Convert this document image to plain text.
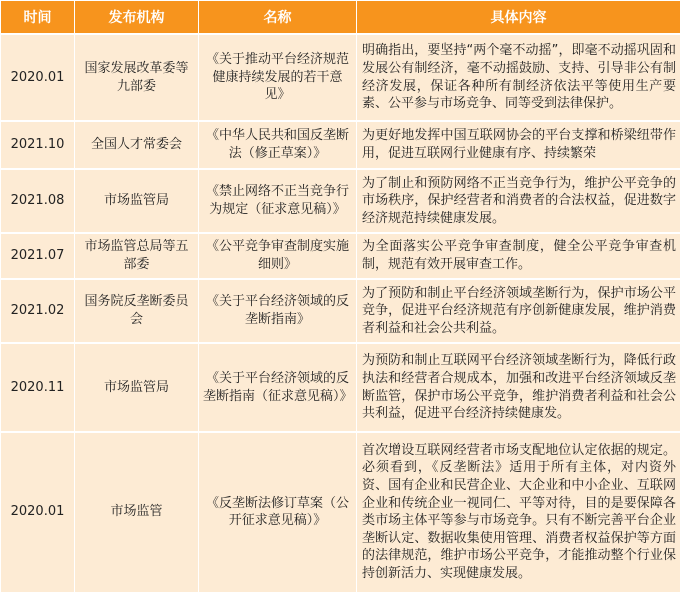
时间	发布机构	名称	具体内容
2020.01	国家发展改革委等九部委	《关于推动平台经济规范健康持续发展的若干意见》	明确指出，要坚持“两个毫不动摇”，即毫不动摇巩固和发展公有制经济，毫不动摇鼓励、支持、引导非公有制经济发展，保证各种所有制经济依法平等使用生产要素、公平参与市场竞争、同等受到法律保护。

2021.10	全国人才常委会	《中华人民共和国反垄断法（修正草案）》	为更好地发挥中国互联网协会的平台支撑和桥梁纽带作用，促进互联网行业健康有序、持续繁荣

2021.08	市场监管局	《禁止网络不正当竞争行为规定（征求意见稿）》	为了制止和预防网络不正当竞争行为，维护公平竞争的市场秩序，保护经营者和消费者的合法权益，促进数字经济规范持续健康发展。

2021.07	市场监管总局等五部委	《公平竞争审查制度实施细则》	为全面落实公平竞争审查制度，健全公平竞争审查机制，规范有效开展审查工作。

2021.02	国务院反垄断委员会	《关于平台经济领域的反垄断指南》	为了预防和制止平台经济领域垄断行为，保护市场公平竞争，促进平台经济规范有序创新健康发展，维护消费者利益和社会公共利益。

2020.11	市场监管局	《关于平台经济领域的反垄断指南（征求意见稿）》	为预防和制止互联网平台经济领域垄断行为，降低行政执法和经营者合规成本，加强和改进平台经济领域反垄断监管，保护市场公平竞争，维护消费者利益和社会公共利益，促进平台经济持续健康发。

2020.01	市场监管	《反垄断法修订草案（公开征求意见稿）》	首次增设互联网经营者市场支配地位认定依据的规定。必须看到，《反垄断法》适用于所有主体，对内资外资、国有企业和民营企业、大企业和中小企业、互联网企业和传统企业一视同仁、平等对待，目的是要保障各类市场主体平等参与市场竞争。只有不断完善平台企业垄断认定、数据收集使用管理、消费者权益保护等方面的法律规范，维护市场公平竞争，才能推动整个行业保持创新活力、实现健康发展。
